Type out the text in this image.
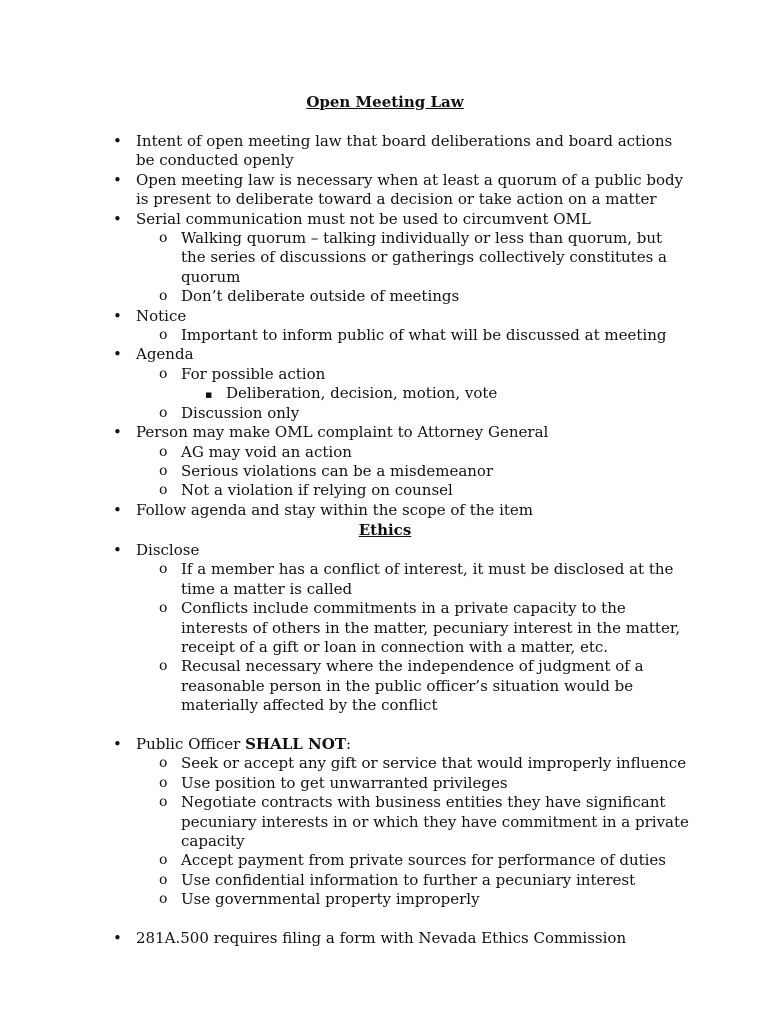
Open Meeting Law
• Intent of open meeting law that board deliberations and board actions be conducted openly
• Open meeting law is necessary when at least a quorum of a public body is present to deliberate toward a decision or take action on a matter
• Serial communication must not be used to circumvent OML
o Walking quorum – talking individually or less than quorum, but the series of discussions or gatherings collectively constitutes a quorum
o Don’t deliberate outside of meetings
• Notice
o Important to inform public of what will be discussed at meeting
• Agenda
o For possible action
▪ Deliberation, decision, motion, vote
o Discussion only
• Person may make OML complaint to Attorney General
o AG may void an action
o Serious violations can be a misdemeanor
o Not a violation if relying on counsel
• Follow agenda and stay within the scope of the item
Ethics
• Disclose
o If a member has a conflict of interest, it must be disclosed at the time a matter is called
o Conflicts include commitments in a private capacity to the interests of others in the matter, pecuniary interest in the matter, receipt of a gift or loan in connection with a matter, etc.
o Recusal necessary where the independence of judgment of a reasonable person in the public officer’s situation would be materially affected by the conflict
• Public Officer SHALL NOT:
o Seek or accept any gift or service that would improperly influence
o Use position to get unwarranted privileges
o Negotiate contracts with business entities they have significant pecuniary interests in or which they have commitment in a private capacity
o Accept payment from private sources for performance of duties
o Use confidential information to further a pecuniary interest
o Use governmental property improperly
• 281A.500 requires filing a form with Nevada Ethics Commission
